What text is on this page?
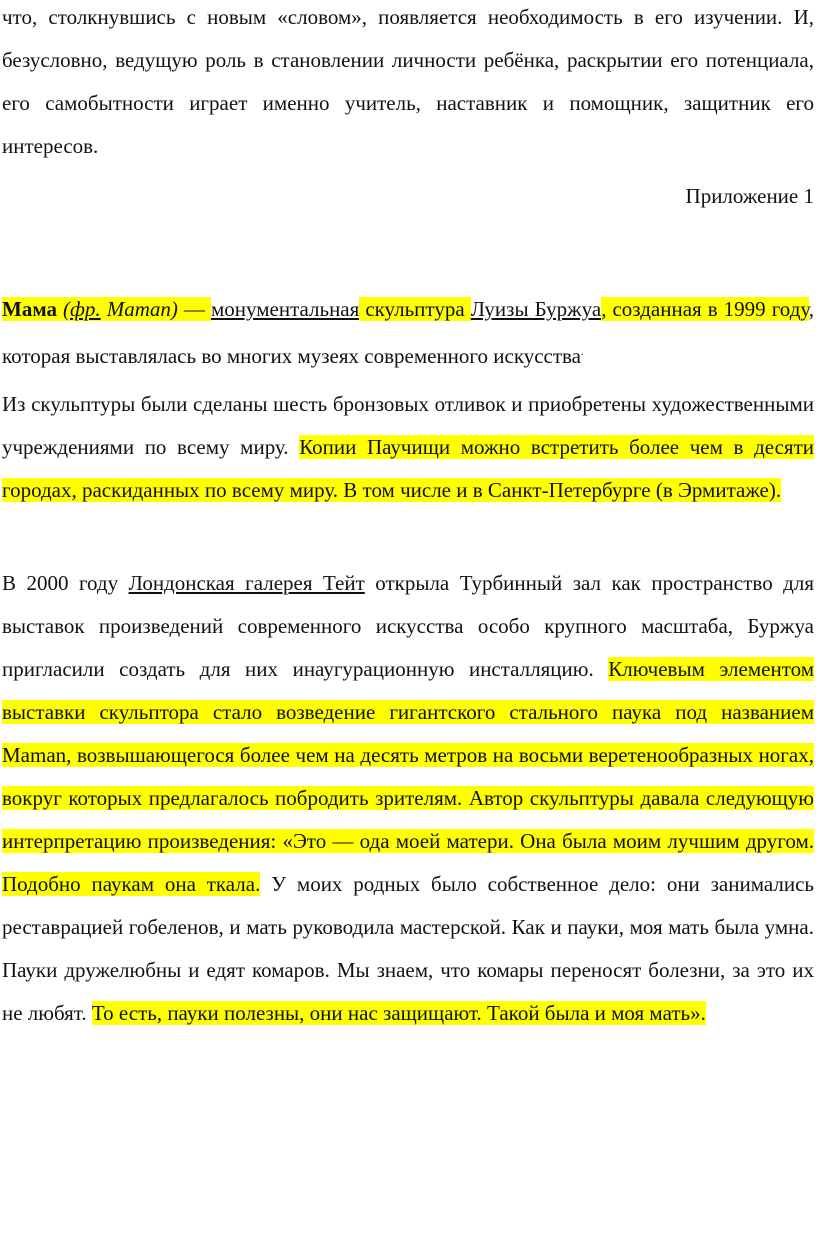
что, столкнувшись с новым «словом», появляется необходимость в его изучении. И, безусловно, ведущую роль в становлении личности ребёнка, раскрытии его потенциала, его самобытности играет именно учитель, наставник и помощник, защитник его интересов.

Приложение 1

Мама (фр. Maman) — монументальная скульптура Луизы Буржуа, созданная в 1999 году, которая выставлялась во многих музеях современного искусства.

Из скульптуры были сделаны шесть бронзовых отливок и приобретены художественными учреждениями по всему миру. Копии Паучищи можно встретить более чем в десяти городах, раскиданных по всему миру. В том числе и в Санкт-Петербурге (в Эрмитаже).

В 2000 году Лондонская галерея Тейт открыла Турбинный зал как пространство для выставок произведений современного искусства особо крупного масштаба, Буржуа пригласили создать для них инаугурационную инсталляцию. Ключевым элементом выставки скульптора стало возведение гигантского стального паука под названием Maman, возвышающегося более чем на десять метров на восьми веретенообразных ногах, вокруг которых предлагалось побродить зрителям. Автор скульптуры давала следующую интерпретацию произведения: «Это — ода моей матери. Она была моим лучшим другом. Подобно паукам она ткала. У моих родных было собственное дело: они занимались реставрацией гобеленов, и мать руководила мастерской. Как и пауки, моя мать была умна. Пауки дружелюбны и едят комаров. Мы знаем, что комары переносят болезни, за это их не любят. То есть, пауки полезны, они нас защищают. Такой была и моя мать».
